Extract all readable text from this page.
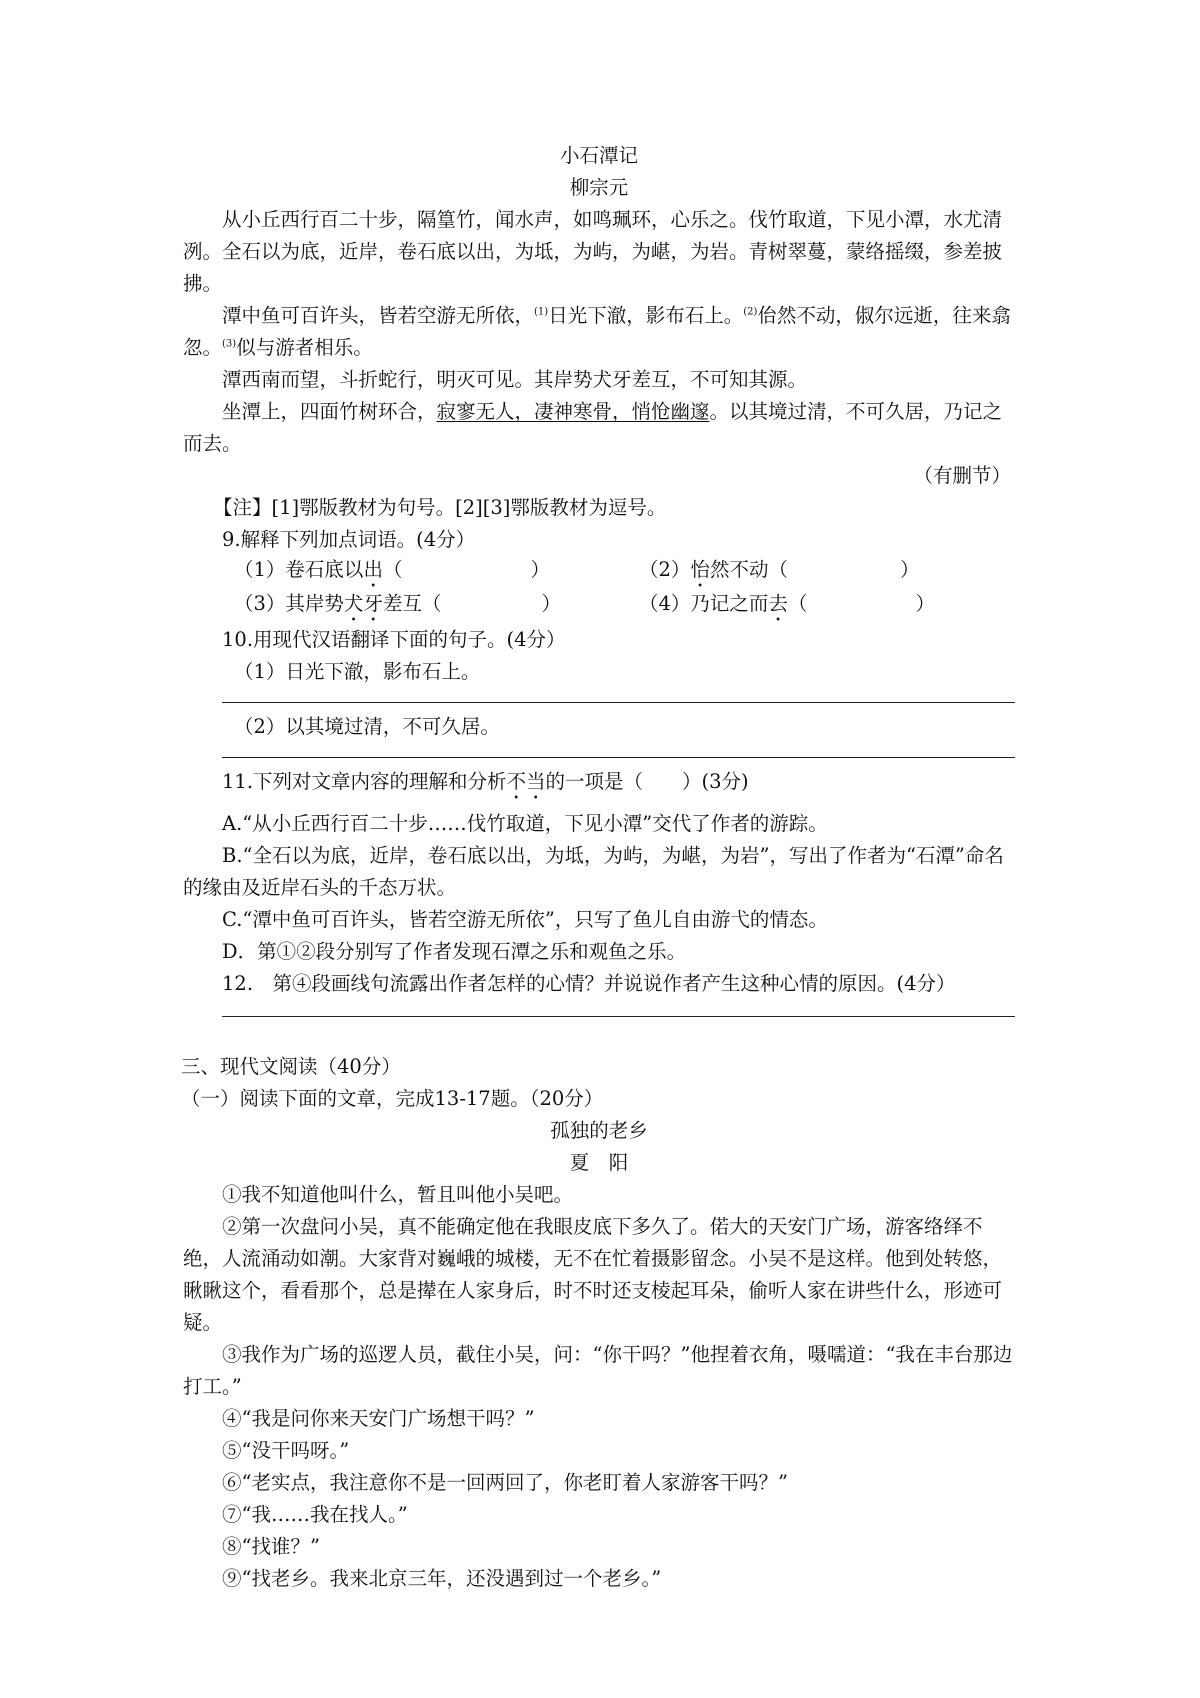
小石潭记

柳宗元

从小丘西行百二十步，隔篁竹，闻水声，如鸣珮环，心乐之。伐竹取道，下见小潭，水尤清冽。全石以为底，近岸，卷石底以出，为坻，为屿，为嵁，为岩。青树翠蔓，蒙络摇缀，参差披拂。

潭中鱼可百许头，皆若空游无所依，$^{(1)}$日光下澈，影布石上。$^{(2)}$佁然不动，俶尔远逝，往来翕忽。$^{(3)}$似与游者相乐。

潭西南而望，斗折蛇行，明灭可见。其岸势犬牙差互，不可知其源。

坐潭上，四面竹树环合，寂寥无人，凄神寒骨，悄怆幽邃。以其境过清，不可久居，乃记之而去。

（有删节）

【注】[1]鄂版教材为句号。[2][3]鄂版教材为逗号。

9.解释下列加点词语。(4分）

（1）卷石底以出（	）	（2）怡然不动（	）
（3）其岸势犬牙差互（	）	（4）乃记之而去（	）

10.用现代汉语翻译下面的句子。(4分）

（1）日光下澈，影布石上。

（2）以其境过清，不可久居。

11.下列对文章内容的理解和分析不当的一项是（　　）(3分)

A.“从小丘西行百二十步……伐竹取道，下见小潭”交代了作者的游踪。

B.“全石以为底，近岸，卷石底以出，为坻，为屿，为嵁，为岩”，写出了作者为“石潭”命名的缘由及近岸石头的千态万状。

C.“潭中鱼可百许头，皆若空游无所依”，只写了鱼儿自由游弋的情态。

D．第①②段分别写了作者发现石潭之乐和观鱼之乐。

12.　第④段画线句流露出作者怎样的心情？并说说作者产生这种心情的原因。(4分）

三、现代文阅读（40分）

（一）阅读下面的文章，完成13-17题。（20分）

孤独的老乡

夏　阳

①我不知道他叫什么，暂且叫他小吴吧。

②第一次盘问小吴，真不能确定他在我眼皮底下多久了。偌大的天安门广场，游客络绎不绝，人流涌动如潮。大家背对巍峨的城楼，无不在忙着摄影留念。小吴不是这样。他到处转悠，瞅瞅这个，看看那个，总是撵在人家身后，时不时还支棱起耳朵，偷听人家在讲些什么，形迹可疑。

③我作为广场的巡逻人员，截住小吴，问：“你干吗？”他捏着衣角，嗫嚅道：“我在丰台那边打工。”

④“我是问你来天安门广场想干吗？”

⑤“没干吗呀。”

⑥“老实点，我注意你不是一回两回了，你老盯着人家游客干吗？”

⑦“我……我在找人。”

⑧“找谁？”

⑨“找老乡。我来北京三年，还没遇到过一个老乡。”
